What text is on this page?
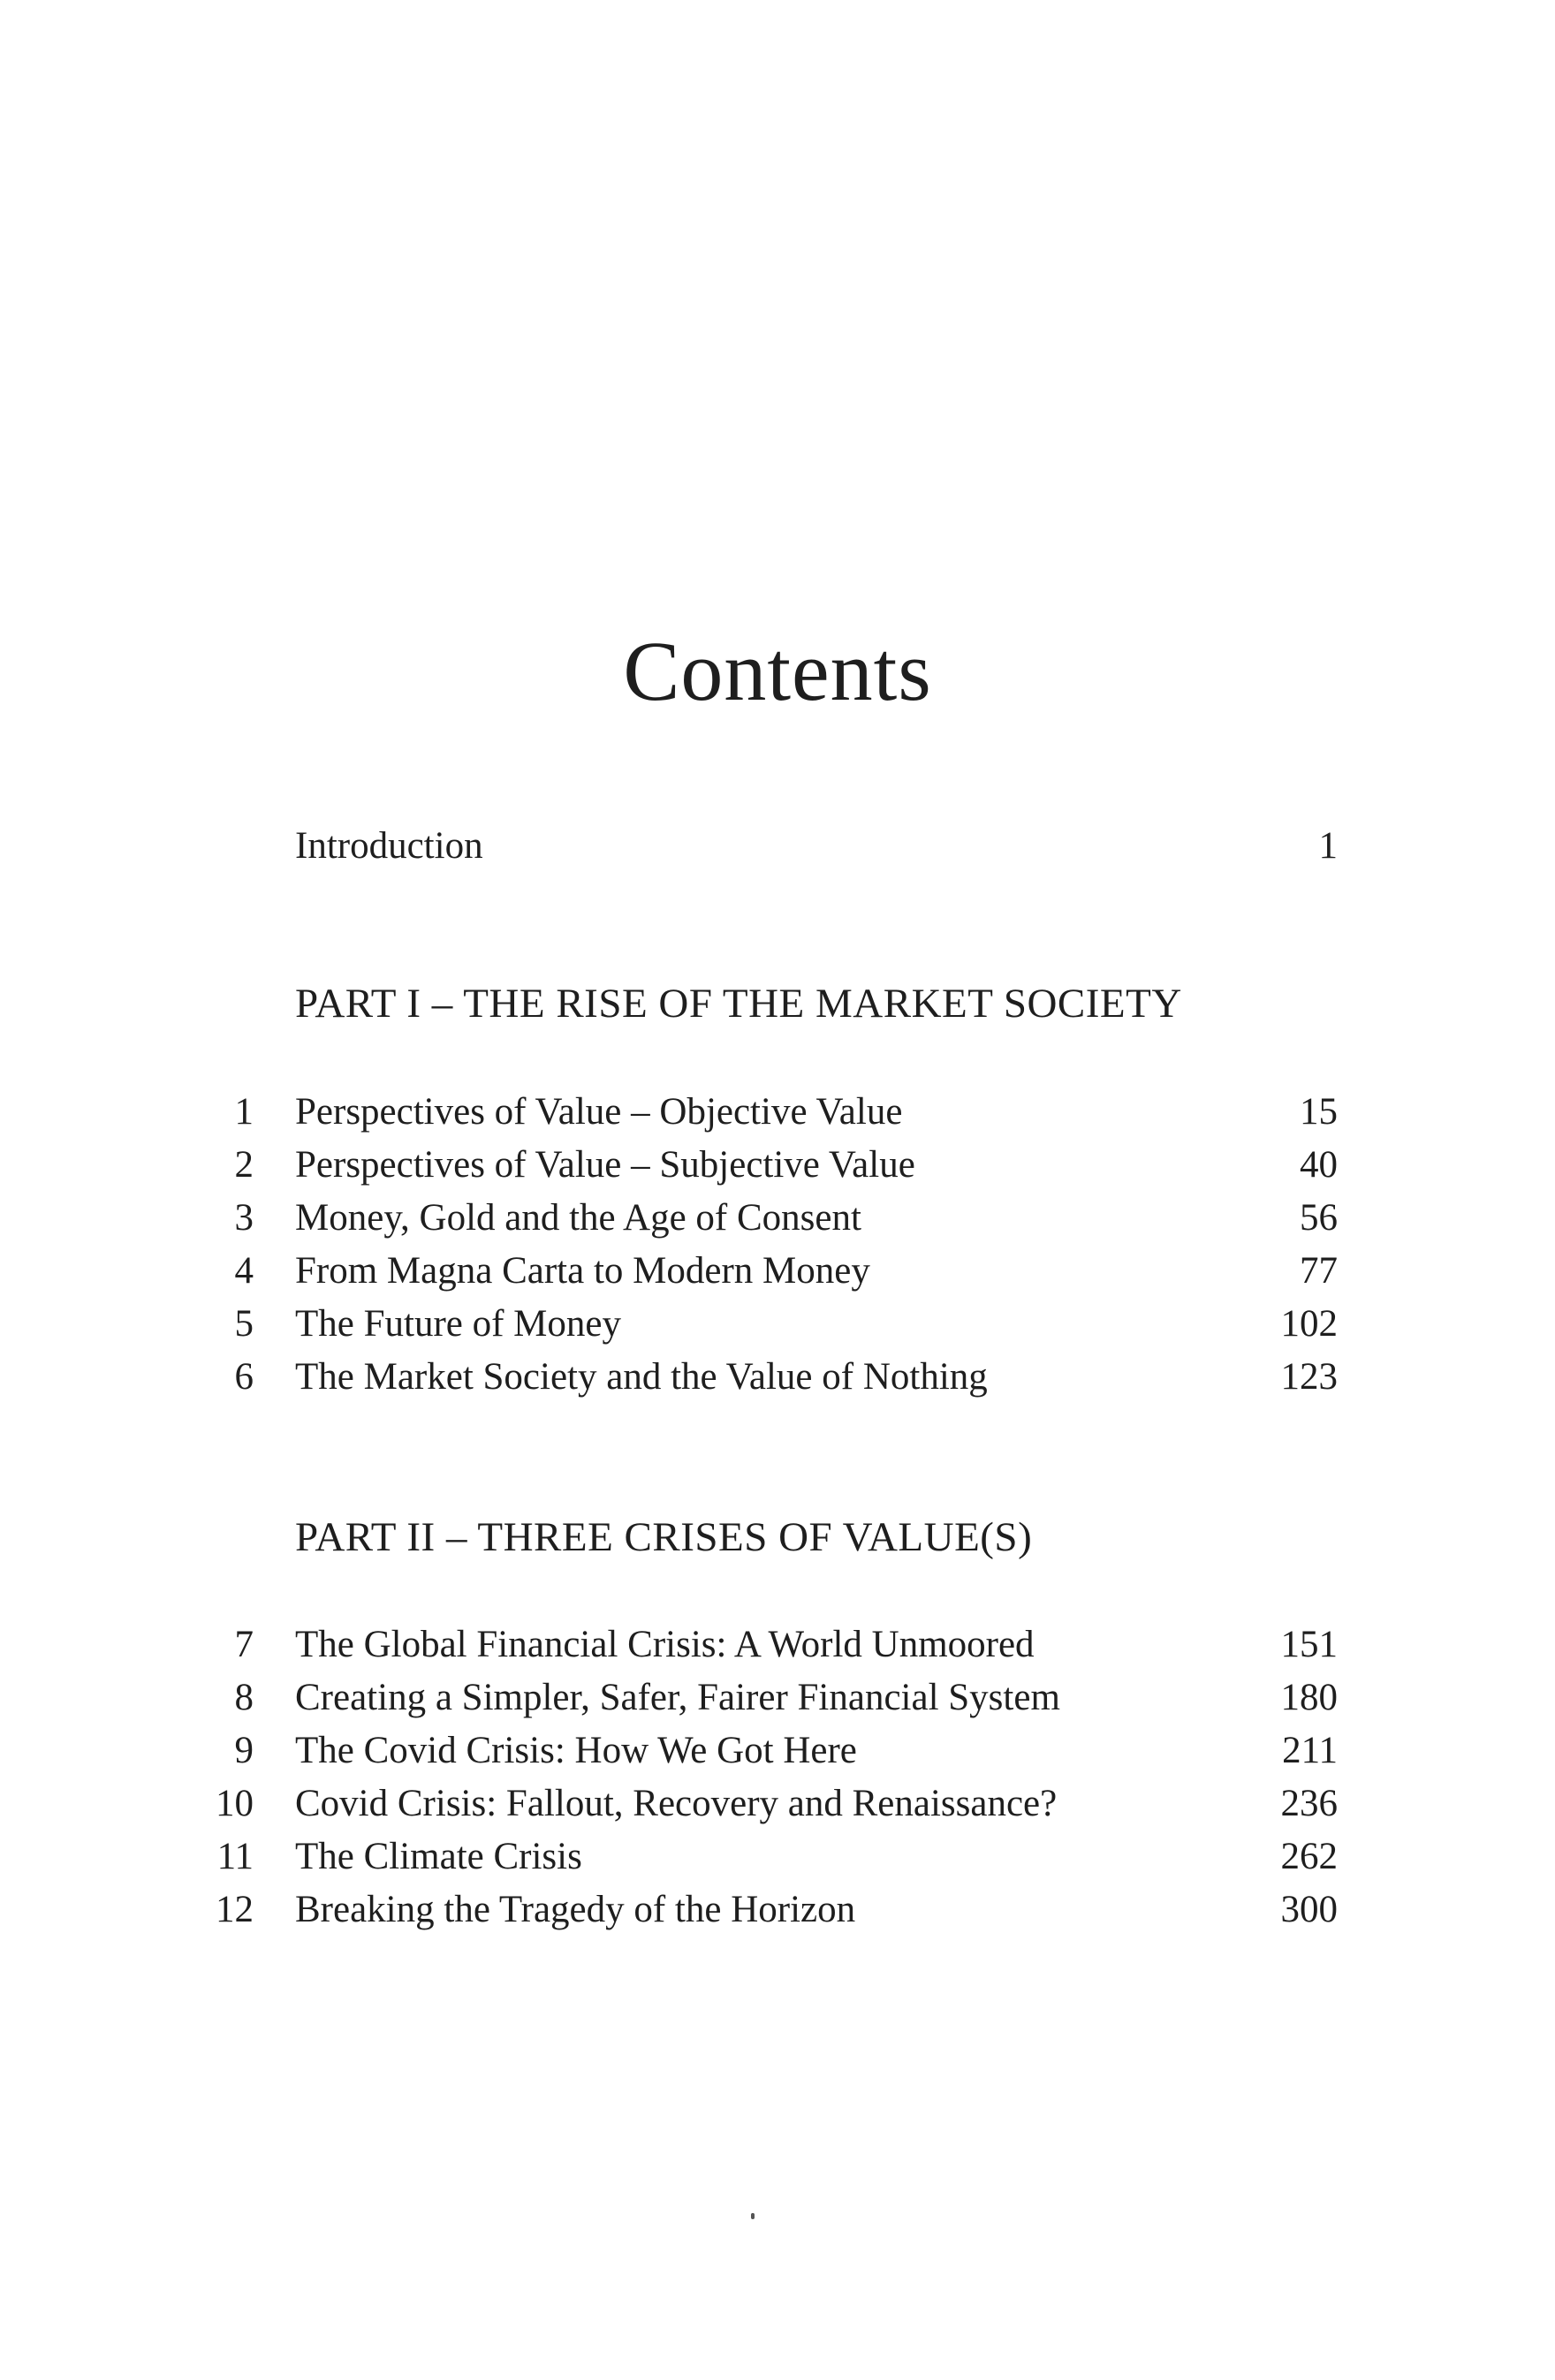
Contents
Introduction	1
PART I – THE RISE OF THE MARKET SOCIETY
1 Perspectives of Value – Objective Value	15
2 Perspectives of Value – Subjective Value	40
3 Money, Gold and the Age of Consent	56
4 From Magna Carta to Modern Money	77
5 The Future of Money	102
6 The Market Society and the Value of Nothing	123
PART II – THREE CRISES OF VALUE(S)
7 The Global Financial Crisis: A World Unmoored	151
8 Creating a Simpler, Safer, Fairer Financial System	180
9 The Covid Crisis: How We Got Here	211
10 Covid Crisis: Fallout, Recovery and Renaissance?	236
11 The Climate Crisis	262
12 Breaking the Tragedy of the Horizon	300
